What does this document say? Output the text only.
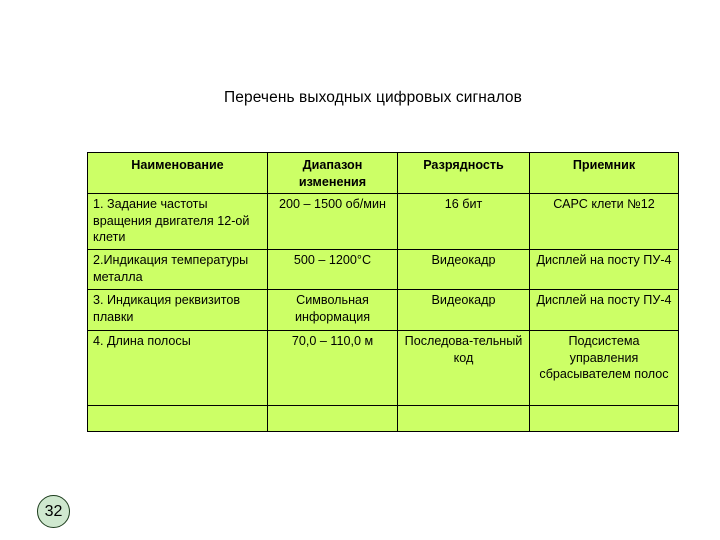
Перечень выходных цифровых сигналов
Наименование	Диапазон изменения	Разрядность	Приемник
1. Задание частоты вращения двигателя 12-ой клети	200 – 1500 об/мин	16 бит	САРС клети №12
2.Индикация температуры металла	500 – 1200°С	Видеокадр	Дисплей на посту ПУ-4
3. Индикация реквизитов плавки	Символьная информация	Видеокадр	Дисплей на посту ПУ-4
4. Длина полосы	70,0 – 110,0 м	Последова-тельный код	Подсистема управления сбрасывателем полос

32
